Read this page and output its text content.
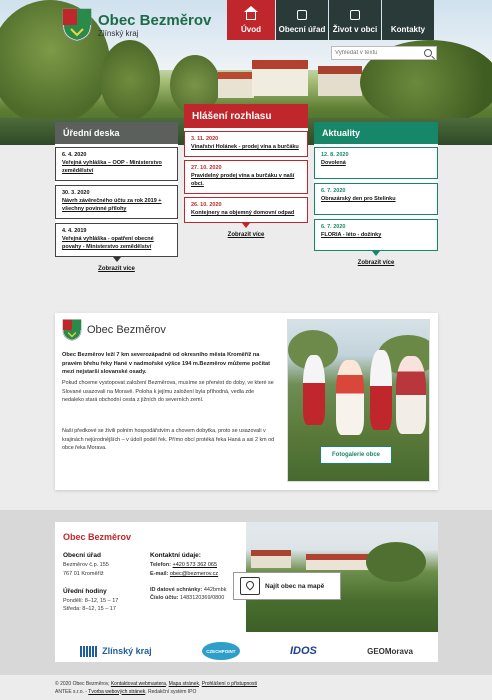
Obec Bezměrov
Zlínský kraj	Úvod Obecní úřad Život v obci Kontakty
Vyhledat v textu
Úřední deska
6. 4. 2020
Veřejná vyhláška – OOP - Ministerstvo zemědělství
30. 3. 2020
Návrh závěrečného účtu za rok 2019 + všechny povinné přílohy
4. 4. 2019
Veřejná vyhláška - opatření obecné povahy - Ministerstvo zemědělství
Zobrazit více
Hlášení rozhlasu
3. 11. 2020
Vinařství Holánek - prodej vína a burčáku
27. 10. 2020
Pravidelný prodej vína a burčáku v naší obci.
26. 10. 2020
Kontejnery na objemný domovní odpad
Zobrazit více
Aktuality
12. 8. 2020
Dovolená
6. 7. 2020
Obrazárský den pro Stelinku
6. 7. 2020
FLORIA - léto - dožínky
Zobrazit více
Obec Bezměrov
Obec Bezměrov leží 7 km severozápadně od okresního města Kroměříž na pravém břehu řeky Hané v nadmořské výšce 194 m.Bezměrov můžeme počítat mezi nejstarší slovanské osady.
Pokud chceme vystopovat založení Bezměrova, musíme se přenést do doby, ve které se Slované usazovali na Moravě. Poloha k jejímu založení byla příhodná, vedla zde nedaleko stará obchodní cesta z jižních do severních zemí.
Naši předkové se živili polním hospodářstvím a chovem dobytka, proto se usazovali v krajinách nejúrodnějších – v údolí podél řek. Přímo obcí protéká řeka Haná a asi 2 km od obce řeka Morava.
Fotogalerie obce
Obec Bezměrov
Obecní úřad
Bezměrov č.p. 155
767 01 Kroměříž
Úřední hodiny
Pondělí: 8–12, 15 – 17
Středa: 8–12, 15 – 17
Kontaktní údaje:
Telefon: +420 573 362 065
E-mail: obec@bezmerov.cz
ID datové schránky: 442bmbk
Číslo účtu: 1483120369/0800
Najít obec na mapě
Zlínský kraj	CZECHPOINT	IDOS	GEOMorava
© 2020 Obec Bezměrov, Kontaktovat webmastera, Mapa stránek, Prohlášení o přístupnosti
ANTEE s.r.o. - Tvorba webových stránek, Redakční systém IPO
